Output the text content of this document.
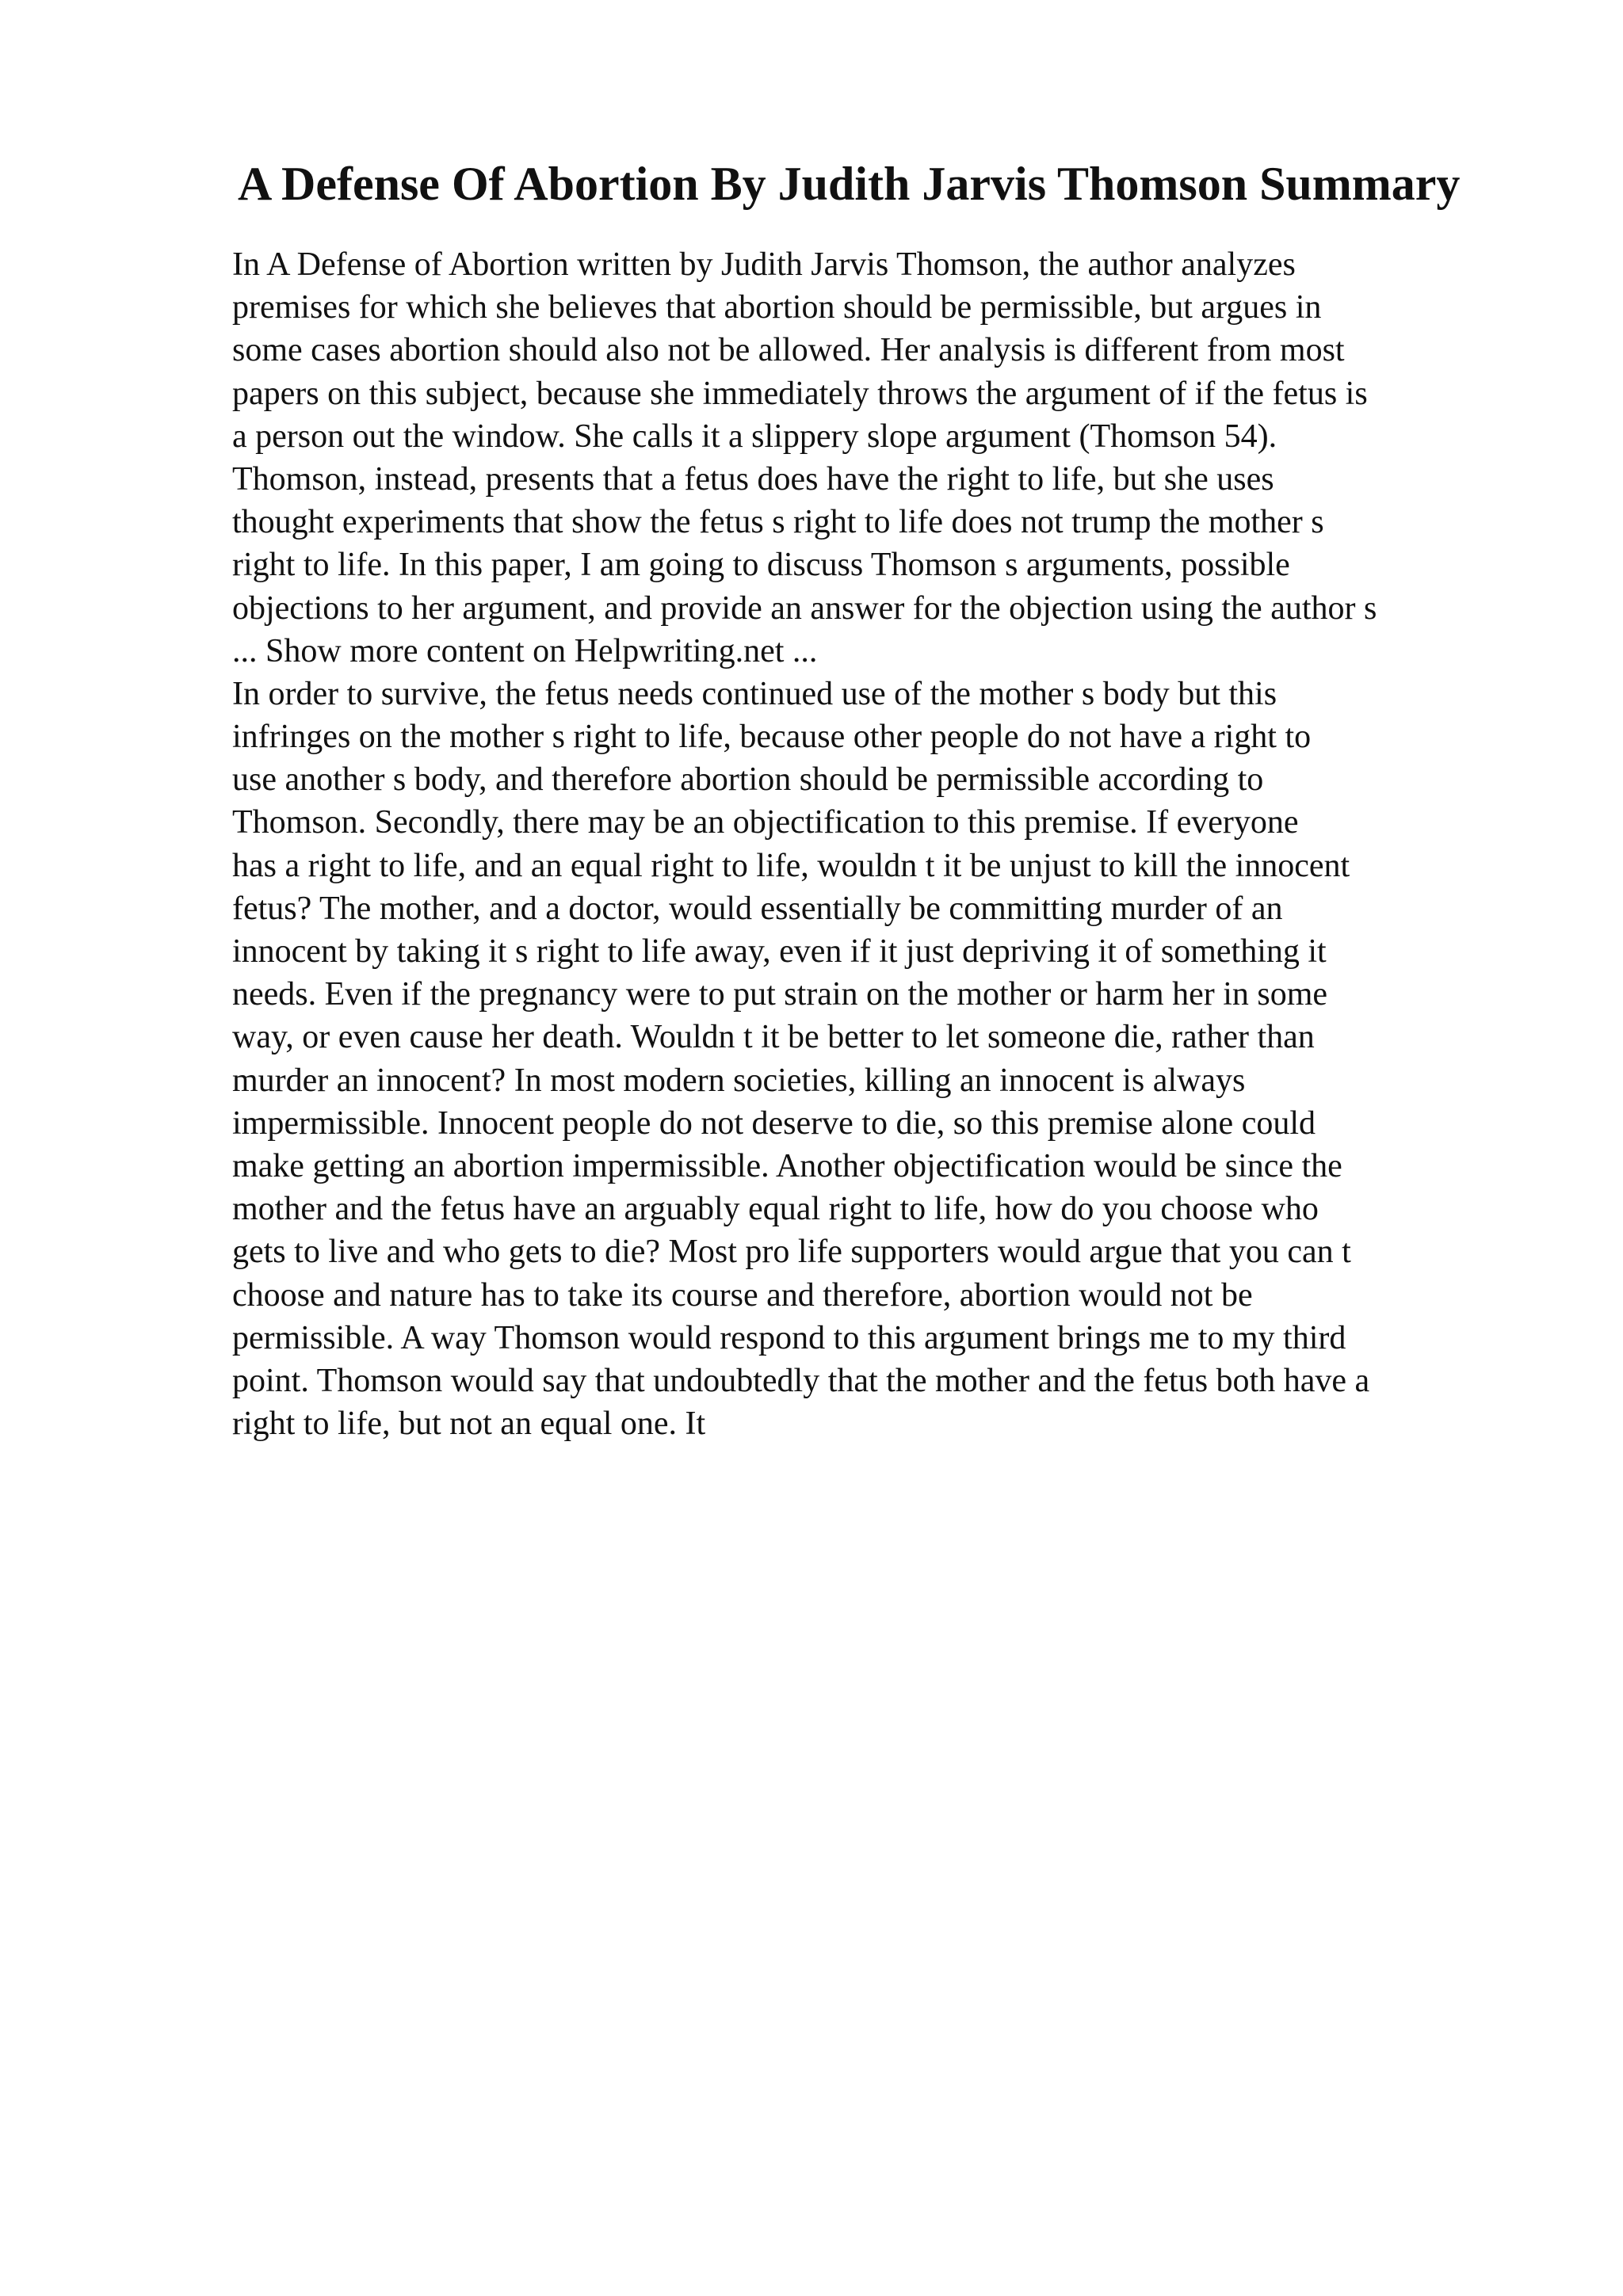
A Defense Of Abortion By Judith Jarvis Thomson Summary
In A Defense of Abortion written by Judith Jarvis Thomson, the author analyzes
premises for which she believes that abortion should be permissible, but argues in
some cases abortion should also not be allowed. Her analysis is different from most
papers on this subject, because she immediately throws the argument of if the fetus is
a person out the window. She calls it a slippery slope argument (Thomson 54).
Thomson, instead, presents that a fetus does have the right to life, but she uses
thought experiments that show the fetus s right to life does not trump the mother s
right to life. In this paper, I am going to discuss Thomson s arguments, possible
objections to her argument, and provide an answer for the objection using the author s
... Show more content on Helpwriting.net ...
In order to survive, the fetus needs continued use of the mother s body but this
infringes on the mother s right to life, because other people do not have a right to
use another s body, and therefore abortion should be permissible according to
Thomson. Secondly, there may be an objectification to this premise. If everyone
has a right to life, and an equal right to life, wouldn t it be unjust to kill the innocent
fetus? The mother, and a doctor, would essentially be committing murder of an
innocent by taking it s right to life away, even if it just depriving it of something it
needs. Even if the pregnancy were to put strain on the mother or harm her in some
way, or even cause her death. Wouldn t it be better to let someone die, rather than
murder an innocent? In most modern societies, killing an innocent is always
impermissible. Innocent people do not deserve to die, so this premise alone could
make getting an abortion impermissible. Another objectification would be since the
mother and the fetus have an arguably equal right to life, how do you choose who
gets to live and who gets to die? Most pro life supporters would argue that you can t
choose and nature has to take its course and therefore, abortion would not be
permissible. A way Thomson would respond to this argument brings me to my third
point. Thomson would say that undoubtedly that the mother and the fetus both have a
right to life, but not an equal one. It
